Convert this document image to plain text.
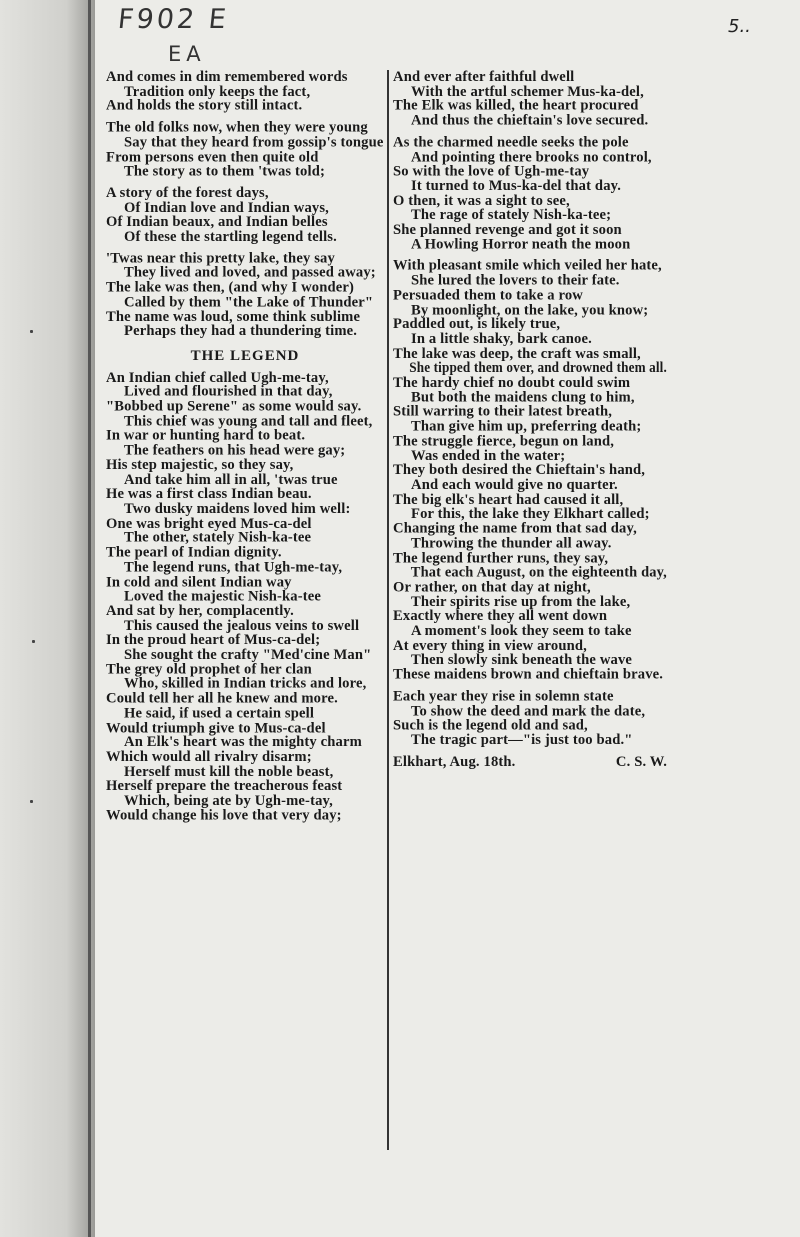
F902 E
EA
5..
And comes in dim remembered words
Tradition only keeps the fact,
And holds the story still intact.
The old folks now, when they were young
Say that they heard from gossip's tongue
From persons even then quite old
The story as to them 'twas told;
A story of the forest days,
Of Indian love and Indian ways,
Of Indian beaux, and Indian belles
Of these the startling legend tells.
'Twas near this pretty lake, they say
They lived and loved, and passed away;
The lake was then, (and why I wonder)
Called by them "the Lake of Thunder"
The name was loud, some think sublime
Perhaps they had a thundering time.
THE LEGEND
An Indian chief called Ugh-me-tay,
Lived and flourished in that day,
"Bobbed up Serene" as some would say.
This chief was young and tall and fleet,
In war or hunting hard to beat.
The feathers on his head were gay;
His step majestic, so they say,
And take him all in all, 'twas true
He was a first class Indian beau.
Two dusky maidens loved him well:
One was bright eyed Mus-ca-del
The other, stately Nish-ka-tee
The pearl of Indian dignity.
The legend runs, that Ugh-me-tay,
In cold and silent Indian way
Loved the majestic Nish-ka-tee
And sat by her, complacently.
This caused the jealous veins to swell
In the proud heart of Mus-ca-del;
She sought the crafty "Med'cine Man"
The grey old prophet of her clan
Who, skilled in Indian tricks and lore,
Could tell her all he knew and more.
He said, if used a certain spell
Would triumph give to Mus-ca-del
An Elk's heart was the mighty charm
Which would all rivalry disarm;
Herself must kill the noble beast,
Herself prepare the treacherous feast
Which, being ate by Ugh-me-tay,
Would change his love that very day;
And ever after faithful dwell
With the artful schemer Mus-ka-del,
The Elk was killed, the heart procured
And thus the chieftain's love secured.
As the charmed needle seeks the pole
And pointing there brooks no control,
So with the love of Ugh-me-tay
It turned to Mus-ka-del that day.
O then, it was a sight to see,
The rage of stately Nish-ka-tee;
She planned revenge and got it soon
A Howling Horror neath the moon
With pleasant smile which veiled her hate,
She lured the lovers to their fate.
Persuaded them to take a row
By moonlight, on the lake, you know;
Paddled out, is likely true,
In a little shaky, bark canoe.
The lake was deep, the craft was small,
She tipped them over, and drowned them all.
The hardy chief no doubt could swim
But both the maidens clung to him,
Still warring to their latest breath,
Than give him up, preferring death;
The struggle fierce, begun on land,
Was ended in the water;
They both desired the Chieftain's hand,
And each would give no quarter.
The big elk's heart had caused it all,
For this, the lake they Elkhart called;
Changing the name from that sad day,
Throwing the thunder all away.
The legend further runs, they say,
That each August, on the eighteenth day,
Or rather, on that day at night,
Their spirits rise up from the lake,
Exactly where they all went down
A moment's look they seem to take
At every thing in view around,
Then slowly sink beneath the wave
These maidens brown and chieftain brave.
Each year they rise in solemn state
To show the deed and mark the date,
Such is the legend old and sad,
The tragic part—"is just too bad."
Elkhart, Aug. 18th.	C. S. W.
